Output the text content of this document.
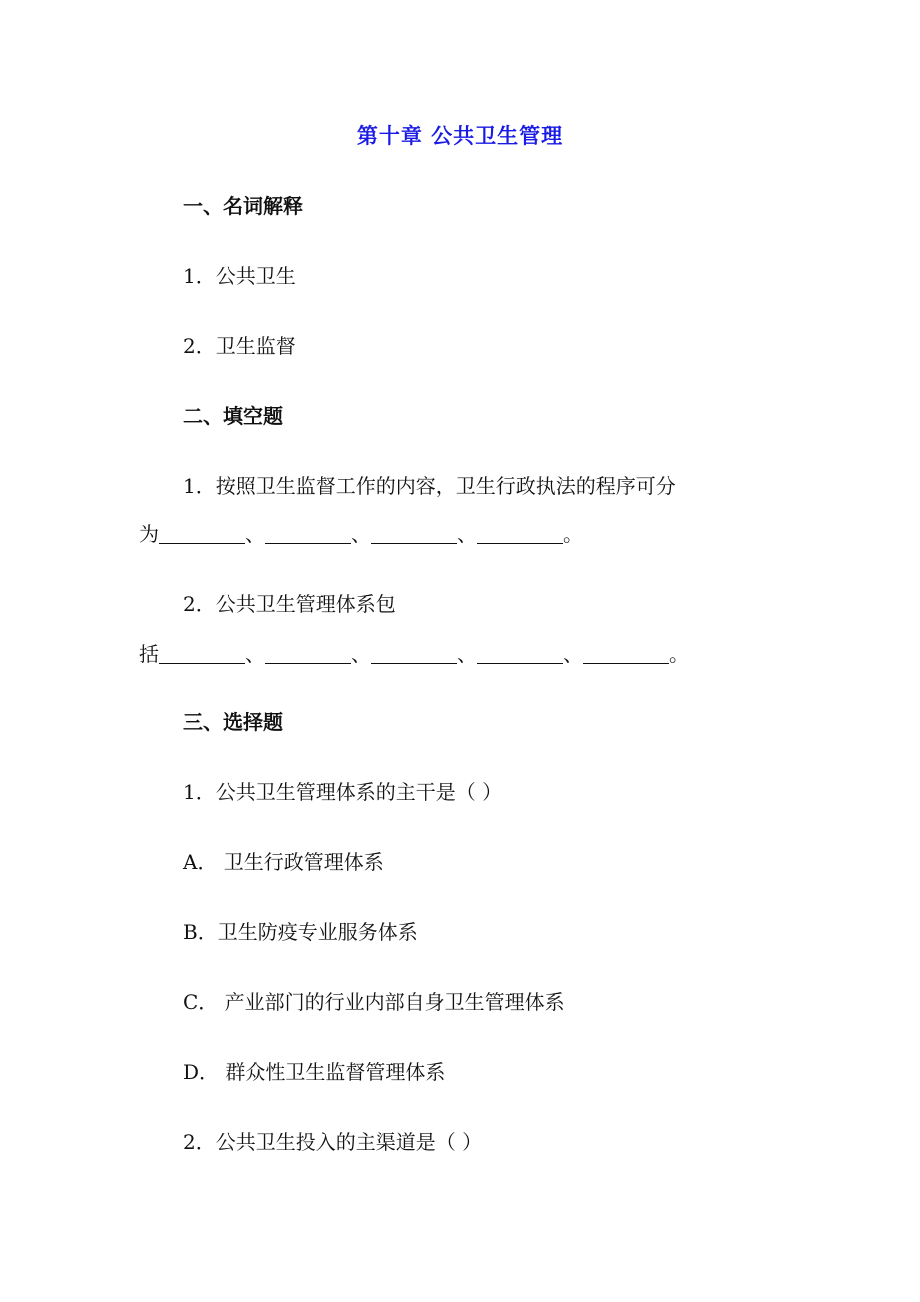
第十章 公共卫生管理
一、名词解释
1．公共卫生
2．卫生监督
二、填空题
1．按照卫生监督工作的内容，卫生行政执法的程序可分
为	、	、	、	。
2．公共卫生管理体系包
括	、	、	、	、	。
三、选择题
1．公共卫生管理体系的主干是（ ）
A． 卫生行政管理体系
B．卫生防疫专业服务体系
C． 产业部门的行业内部自身卫生管理体系
D． 群众性卫生监督管理体系
2．公共卫生投入的主渠道是（ ）
